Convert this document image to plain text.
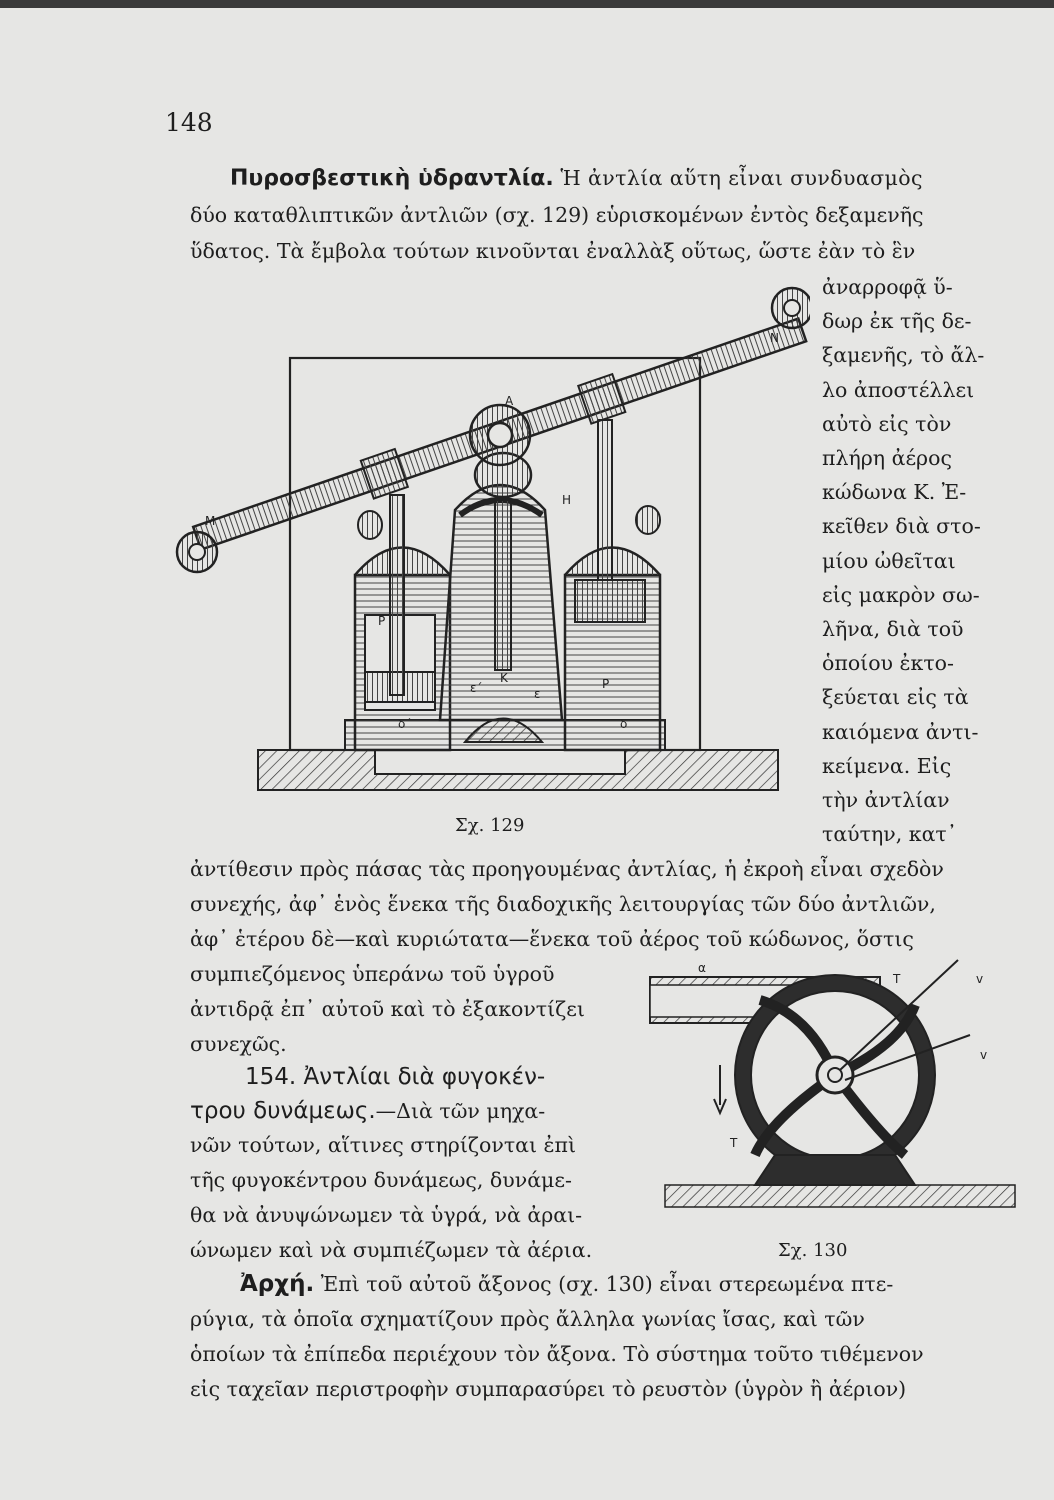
148
Πυροσβεστικὴ ὑδραντλία. Ἡ ἀντλία αὕτη εἶναι συνδυασμὸς
δύο καταθλιπτικῶν ἀντλιῶν (σχ. 129) εὑρισκομένων ἐντὸς δεξαμενῆς
ὕδατος. Τὰ ἔμβολα τούτων κινοῦνται ἐναλλὰξ οὕτως, ὥστε ἐὰν τὸ ἓν
ἀναρροφᾷ ὕ-
δωρ ἐκ τῆς δε-
ξαμενῆς, τὸ ἄλ-
λο ἀποστέλλει
αὐτὸ εἰς τὸν
πλήρη ἀέρος
κώδωνα Κ. Ἐ-
κεῖθεν διὰ στο-
μίου ὠθεῖται
εἰς μακρὸν σω-
λῆνα, διὰ τοῦ
ὁποίου ἐκτο-
ξεύεται εἰς τὰ
καιόμενα ἀντι-
κείμενα. Εἰς
τὴν ἀντλίαν
ταύτην, κατ᾽
A
N
M
H
P
P
K
ε΄	ε
δ΄	δ
Σχ. 129
ἀντίθεσιν πρὸς πάσας τὰς προηγουμένας ἀντλίας, ἡ ἐκροὴ εἶναι σχεδὸν
συνεχής, ἀφ᾽ ἑνὸς ἕνεκα τῆς διαδοχικῆς λειτουργίας τῶν δύο ἀντλιῶν,
ἀφ᾽ ἑτέρου δὲ—καὶ κυριώτατα—ἕνεκα τοῦ ἀέρος τοῦ κώδωνος, ὅστις
συμπιεζόμενος ὑπεράνω τοῦ ὑγροῦ
ἀντιδρᾷ ἐπ᾽ αὐτοῦ καὶ τὸ ἐξακοντίζει
συνεχῶς.
154. Ἀντλίαι διὰ φυγοκέν-
τρου δυνάμεως.—Διὰ τῶν μηχα-
νῶν τούτων, αἵτινες στηρίζονται ἐπὶ
τῆς φυγοκέντρου δυνάμεως, δυνάμε-
θα νὰ ἀνυψώνωμεν τὰ ὑγρά, νὰ ἀραι-
ώνωμεν καὶ νὰ συμπιέζωμεν τὰ ἀέρια.
α
T	v
v
T
Σχ. 130
Ἀρχή. Ἐπὶ τοῦ αὐτοῦ ἄξονος (σχ. 130) εἶναι στερεωμένα πτε-
ρύγια, τὰ ὁποῖα σχηματίζουν πρὸς ἄλληλα γωνίας ἴσας, καὶ τῶν
ὁποίων τὰ ἐπίπεδα περιέχουν τὸν ἄξονα. Τὸ σύστημα τοῦτο τιθέμενον
εἰς ταχεῖαν περιστροφὴν συμπαρασύρει τὸ ρευστὸν (ὑγρὸν ἢ ἀέριον)
